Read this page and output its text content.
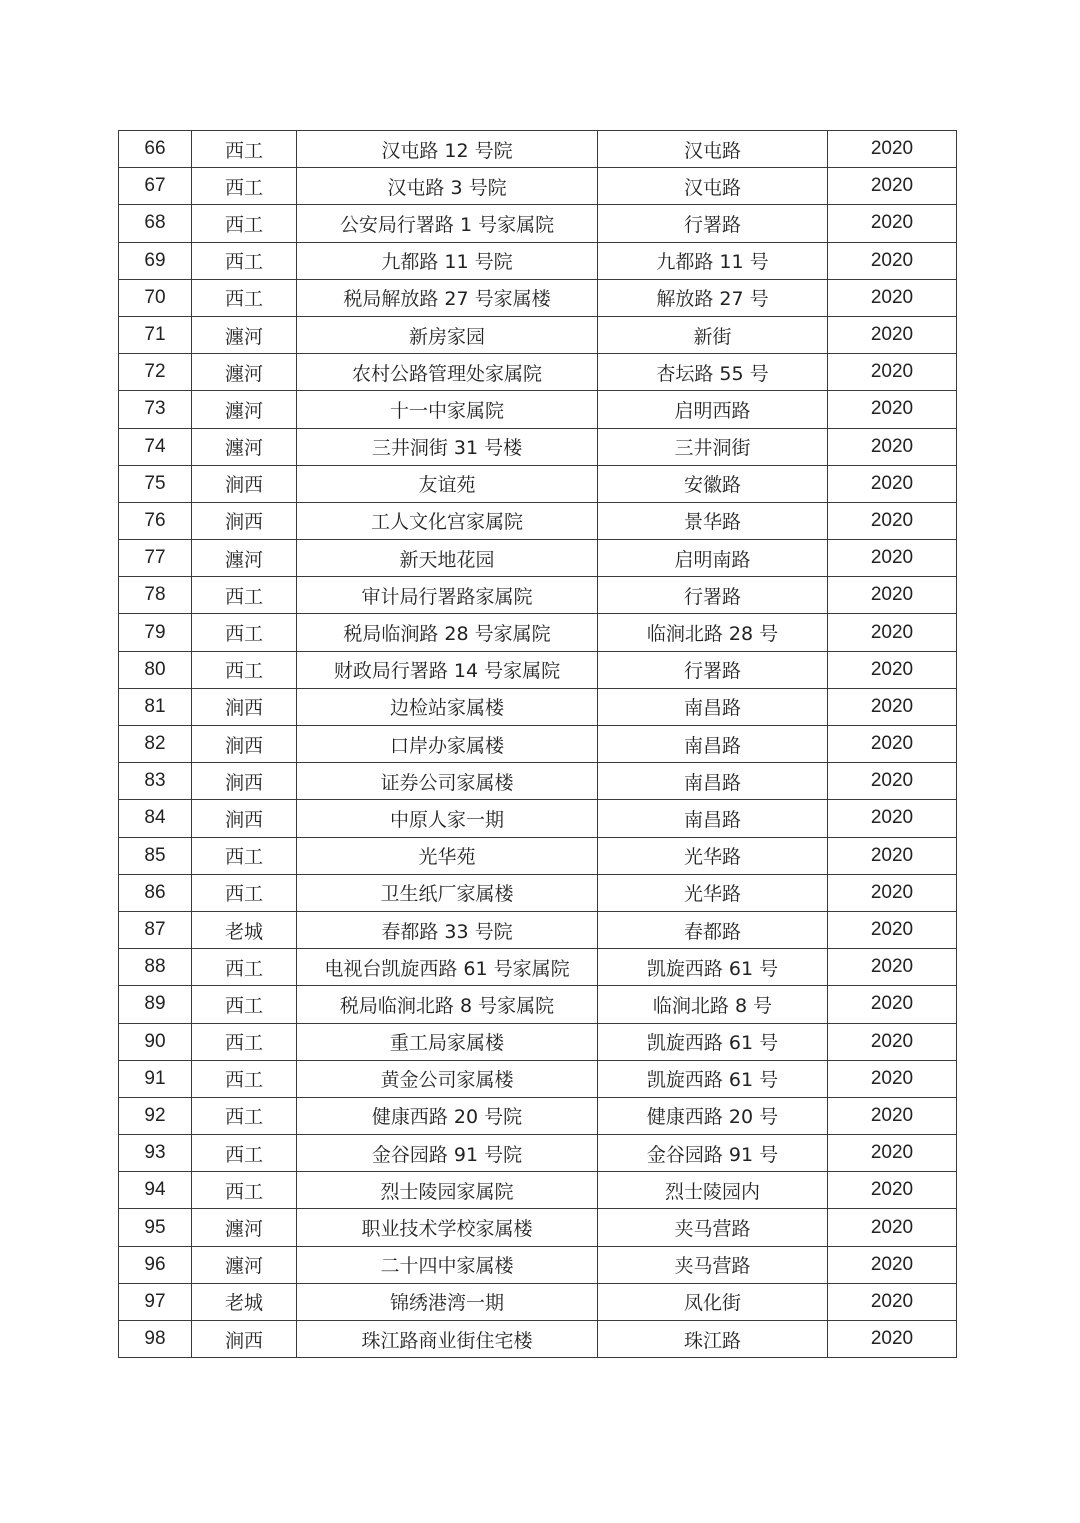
66	西工	汉屯路 12 号院	汉屯路	2020
67	西工	汉屯路 3 号院	汉屯路	2020
68	西工	公安局行署路 1 号家属院	行署路	2020
69	西工	九都路 11 号院	九都路 11 号	2020
70	西工	税局解放路 27 号家属楼	解放路 27 号	2020
71	瀍河	新房家园	新街	2020
72	瀍河	农村公路管理处家属院	杏坛路 55 号	2020
73	瀍河	十一中家属院	启明西路	2020
74	瀍河	三井洞街 31 号楼	三井洞街	2020
75	涧西	友谊苑	安徽路	2020
76	涧西	工人文化宫家属院	景华路	2020
77	瀍河	新天地花园	启明南路	2020
78	西工	审计局行署路家属院	行署路	2020
79	西工	税局临涧路 28 号家属院	临涧北路 28 号	2020
80	西工	财政局行署路 14 号家属院	行署路	2020
81	涧西	边检站家属楼	南昌路	2020
82	涧西	口岸办家属楼	南昌路	2020
83	涧西	证券公司家属楼	南昌路	2020
84	涧西	中原人家一期	南昌路	2020
85	西工	光华苑	光华路	2020
86	西工	卫生纸厂家属楼	光华路	2020
87	老城	春都路 33 号院	春都路	2020
88	西工	电视台凯旋西路 61 号家属院	凯旋西路 61 号	2020
89	西工	税局临涧北路 8 号家属院	临涧北路 8 号	2020
90	西工	重工局家属楼	凯旋西路 61 号	2020
91	西工	黄金公司家属楼	凯旋西路 61 号	2020
92	西工	健康西路 20 号院	健康西路 20 号	2020
93	西工	金谷园路 91 号院	金谷园路 91 号	2020
94	西工	烈士陵园家属院	烈士陵园内	2020
95	瀍河	职业技术学校家属楼	夹马营路	2020
96	瀍河	二十四中家属楼	夹马营路	2020
97	老城	锦绣港湾一期	凤化街	2020
98	涧西	珠江路商业街住宅楼	珠江路	2020
